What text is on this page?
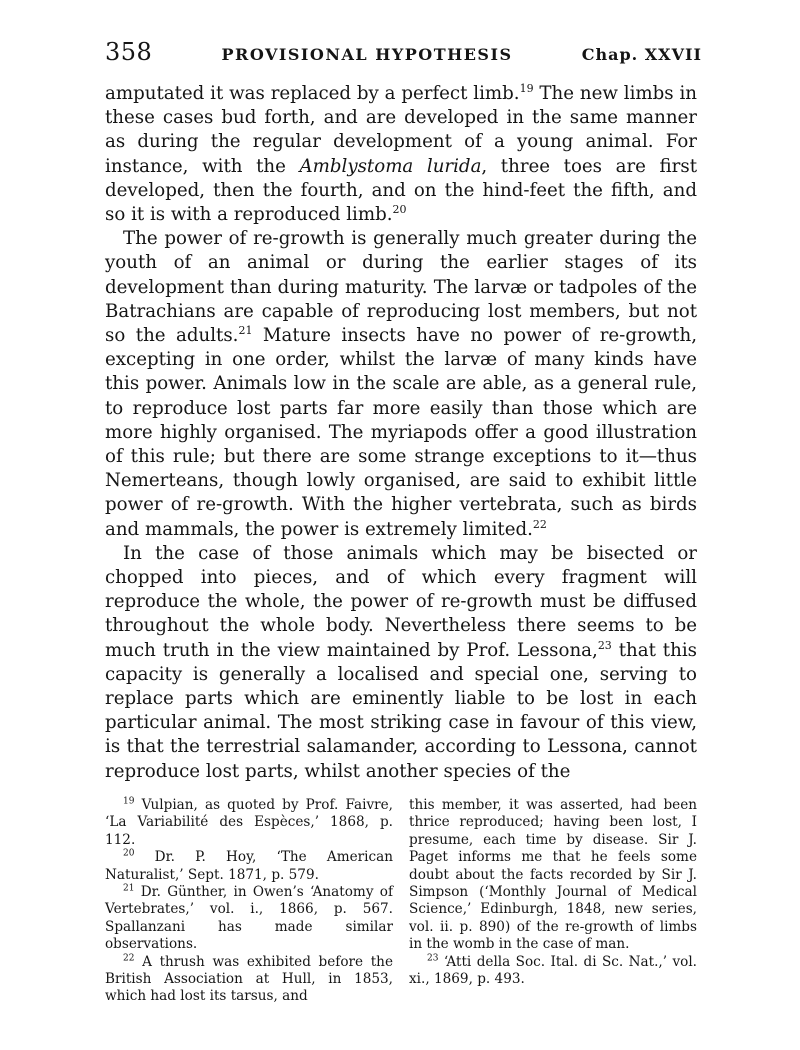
358	PROVISIONAL HYPOTHESIS	Chap. XXVII

amputated it was replaced by a perfect limb.$^{19}$ The new limbs in these cases bud forth, and are developed in the same manner as during the regular development of a young animal. For instance, with the Amblystoma lurida, three toes are first developed, then the fourth, and on the hind-feet the fifth, and so it is with a reproduced limb.$^{20}$

The power of re-growth is generally much greater during the youth of an animal or during the earlier stages of its development than during maturity. The larvæ or tadpoles of the Batrachians are capable of reproducing lost members, but not so the adults.$^{21}$ Mature insects have no power of re-growth, excepting in one order, whilst the larvæ of many kinds have this power. Animals low in the scale are able, as a general rule, to reproduce lost parts far more easily than those which are more highly organised. The myriapods offer a good illustration of this rule; but there are some strange exceptions to it—thus Nemerteans, though lowly organised, are said to exhibit little power of re-growth. With the higher vertebrata, such as birds and mammals, the power is extremely limited.$^{22}$

In the case of those animals which may be bisected or chopped into pieces, and of which every fragment will reproduce the whole, the power of re-growth must be diffused throughout the whole body. Nevertheless there seems to be much truth in the view maintained by Prof. Lessona,$^{23}$ that this capacity is generally a localised and special one, serving to replace parts which are eminently liable to be lost in each particular animal. The most striking case in favour of this view, is that the terrestrial salamander, according to Lessona, cannot reproduce lost parts, whilst another species of the

$^{19}$ Vulpian, as quoted by Prof. Faivre, ‘La Variabilité des Espèces,’ 1868, p. 112.

$^{20}$ Dr. P. Hoy, ‘The American Naturalist,’ Sept. 1871, p. 579.

$^{21}$ Dr. Günther, in Owen’s ‘Anatomy of Vertebrates,’ vol. i., 1866, p. 567. Spallanzani has made similar observations.

$^{22}$ A thrush was exhibited before the British Association at Hull, in 1853, which had lost its tarsus, and

this member, it was asserted, had been thrice reproduced; having been lost, I presume, each time by disease. Sir J. Paget informs me that he feels some doubt about the facts recorded by Sir J. Simpson (‘Monthly Journal of Medical Science,’ Edinburgh, 1848, new series, vol. ii. p. 890) of the re-growth of limbs in the womb in the case of man.

$^{23}$ ‘Atti della Soc. Ital. di Sc. Nat.,’ vol. xi., 1869, p. 493.
